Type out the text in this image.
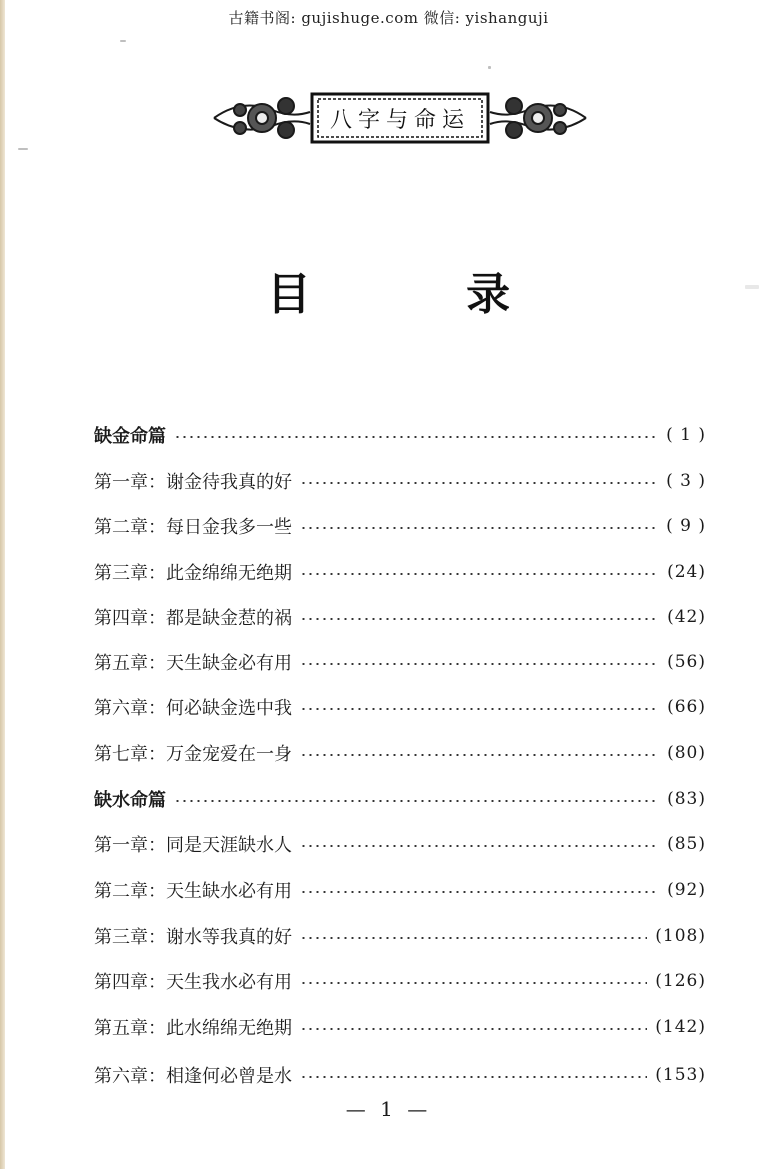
古籍书阁: gujishuge.com 微信: yishanguji
八字与命运
目 录
缺金命篇	( 1 )
第一章：谢金待我真的好	( 3 )
第二章：每日金我多一些	( 9 )
第三章：此金绵绵无绝期	(24)
第四章：都是缺金惹的祸	(42)
第五章：天生缺金必有用	(56)
第六章：何必缺金选中我	(66)
第七章：万金宠爱在一身	(80)
缺水命篇	(83)
第一章：同是天涯缺水人	(85)
第二章：天生缺水必有用	(92)
第三章：谢水等我真的好	(108)
第四章：天生我水必有用	(126)
第五章：此水绵绵无绝期	(142)
第六章：相逢何必曾是水	(153)
— 1 —
